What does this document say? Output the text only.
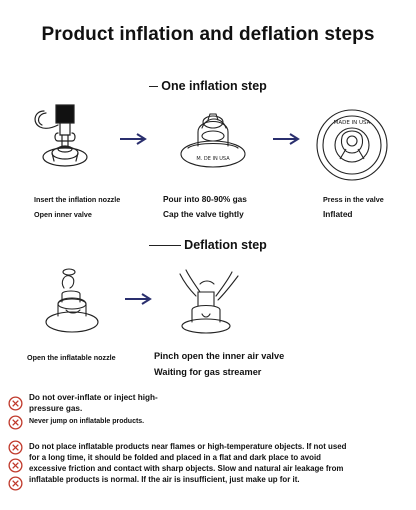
Product inflation and deflation steps
One inflation step
M. DE IN USA
MADE IN USA
Insert the inflation nozzle
Open inner valve
Pour into 80-90% gas
Cap the valve tightly
Press in the valve
Inflated
Deflation step
Open the inflatable nozzle	Pinch open the inner air valve
Waiting for gas streamer
Do not over-inflate or inject high-
pressure gas.
Never jump on inflatable products.
Do not place inflatable products near flames or high-temperature objects. If not used
for a long time, it should be folded and placed in a flat and dark place to avoid
excessive friction and contact with sharp objects. Slow and natural air leakage from
inflatable products is normal. If the air is insufficient, just make up for it.
